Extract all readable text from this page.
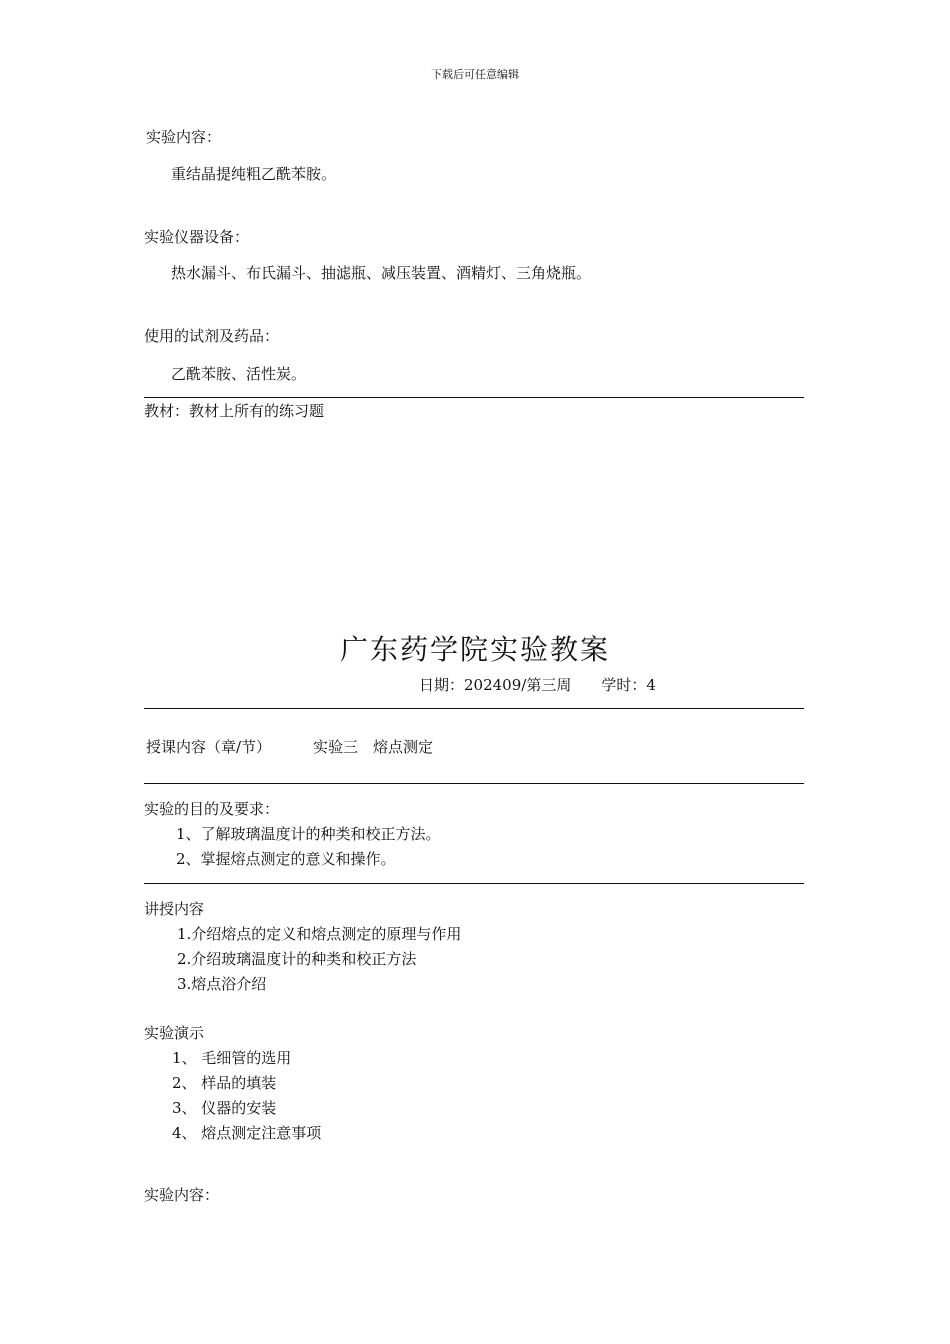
下载后可任意编辑
实验内容：
重结晶提纯粗乙酰苯胺。
实验仪器设备：
热水漏斗、布氏漏斗、抽滤瓶、减压装置、酒精灯、三角烧瓶。
使用的试剂及药品：
乙酰苯胺、活性炭。
教材：教材上所有的练习题
广东药学院实验教案
日期：202409/第三周　　学时：4
授课内容（章/节）	实验三　熔点测定
实验的目的及要求：
1、了解玻璃温度计的种类和校正方法。
2、掌握熔点测定的意义和操作。
讲授内容
1.介绍熔点的定义和熔点测定的原理与作用
2.介绍玻璃温度计的种类和校正方法
3.熔点浴介绍
实验演示
1、 毛细管的选用
2、 样品的填装
3、 仪器的安装
4、 熔点测定注意事项
实验内容：
